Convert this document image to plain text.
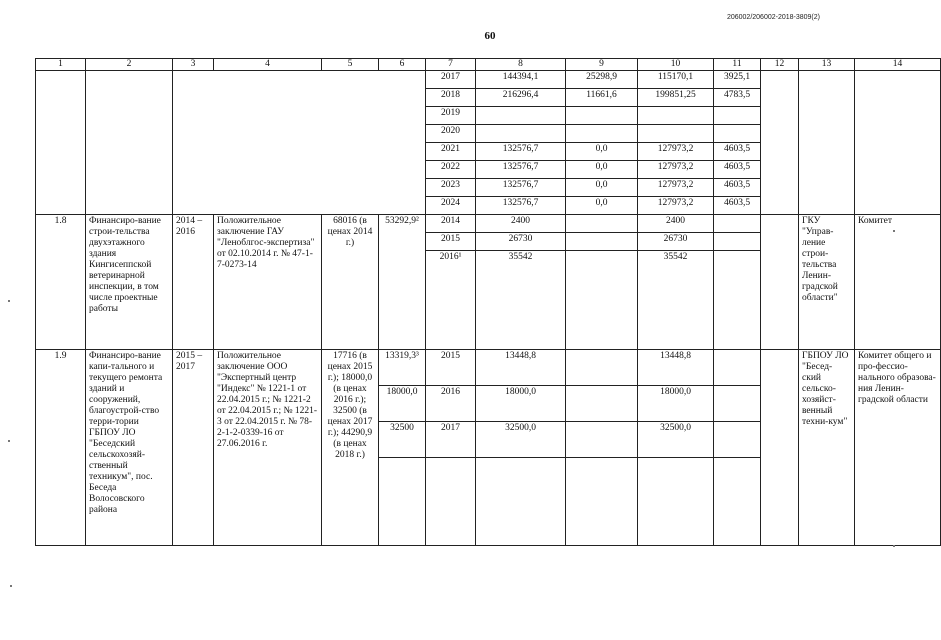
206002/206002-2018-3809(2)
60
1	2	3	4	5	6	7	8	9	10	11	12	13	14
						2017	144394,1	25298,9	115170,1	3925,1			
						2018	216296,4	11661,6	199851,25	4783,5			
						2019							
						2020							
						2021	132576,7	0,0	127973,2	4603,5			
						2022	132576,7	0,0	127973,2	4603,5			
						2023	132576,7	0,0	127973,2	4603,5			
						2024	132576,7	0,0	127973,2	4603,5			
1.8	Финансиро-вание строи-тельства двухэтажного здания Кингисеппской ветеринарной инспекции, в том числе проектные работы	2014 – 2016	Положительное заключение ГАУ "Леноблгос-экспертиза" от 02.10.2014 г. № 47-1-7-0273-14	68016 (в ценах 2014 г.)	53292,9²	2014	2400		2400			ГКУ "Управ-ление строи-тельства Ленин-градской области"	Комитет
						2015	26730		26730				
						2016¹	35542		35542				
1.9	Финансиро-вание капи-тального и текущего ремонта зданий и сооружений, благоустрой-ство терри-тории ГБПОУ ЛО "Беседский сельскохозяй-ственный техникум", пос. Беседа Волосовского района	2015 – 2017	Положительное заключение ООО "Экспертный центр "Индекс" № 1221-1 от 22.04.2015 г.; № 1221-2 от 22.04.2015 г.; № 1221-3 от 22.04.2015 г. № 78-2-1-2-0339-16 от 27.06.2016 г.	17716 (в ценах 2015 г.); 18000,0 (в ценах 2016 г.); 32500 (в ценах 2017 г.); 44290,9 (в ценах 2018 г.)	13319,3³	2015	13448,8		13448,8			ГБПОУ ЛО "Бесед-ский сельско-хозяйст-венный техни-кум"	Комитет общего и про-фессио-нального образова-ния Ленин-градской области
					18000,0	2016	18000,0		18000,0				
					32500	2017	32500,0		32500,0				
